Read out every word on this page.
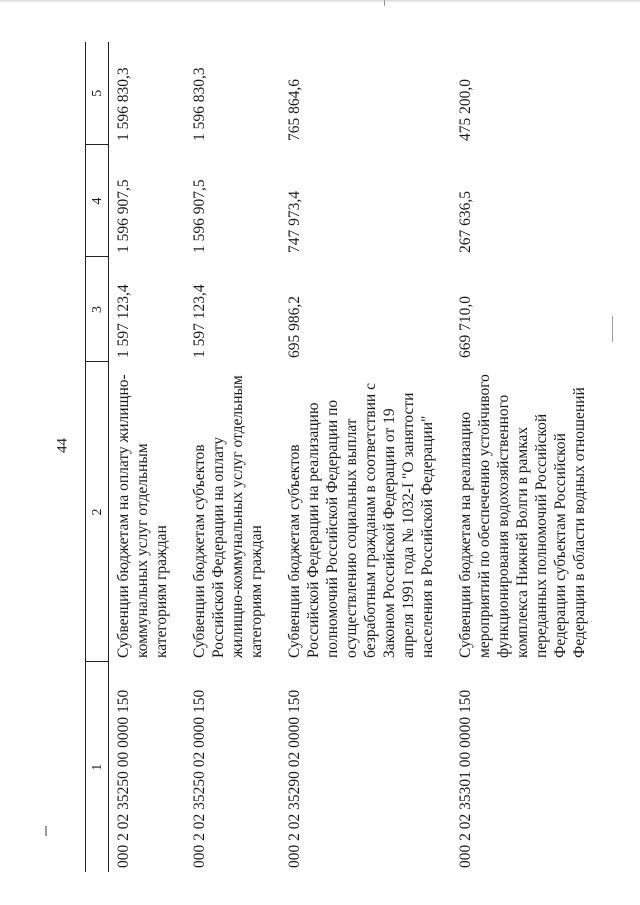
44
1	2	3	4	5
000 2 02 35250 00 0000 150	Субвенции бюджетам на оплату жилищно-коммунальных услуг отдельным категориям граждан	1 597 123,4	1 596 907,5	1 596 830,3
000 2 02 35250 02 0000 150	Субвенции бюджетам субъектов Российской Федерации на оплату жилищно-коммунальных услуг отдельным категориям граждан	1 597 123,4	1 596 907,5	1 596 830,3
000 2 02 35290 02 0000 150	Субвенции бюджетам субъектов Российской Федерации на реализацию полномочий Российской Федерации по осуществлению социальных выплат безработным гражданам в соответствии с Законом Российской Федерации от 19 апреля 1991 года № 1032-I "О занятости населения в Российской Федерации"	695 986,2	747 973,4	765 864,6
000 2 02 35301 00 0000 150	Субвенции бюджетам на реализацию мероприятий по обеспечению устойчивого функционирования водохозяйственного комплекса Нижней Волги в рамках переданных полномочий Российской Федерации субъектам Российской Федерации в области водных отношений	669 710,0	267 636,5	475 200,0
